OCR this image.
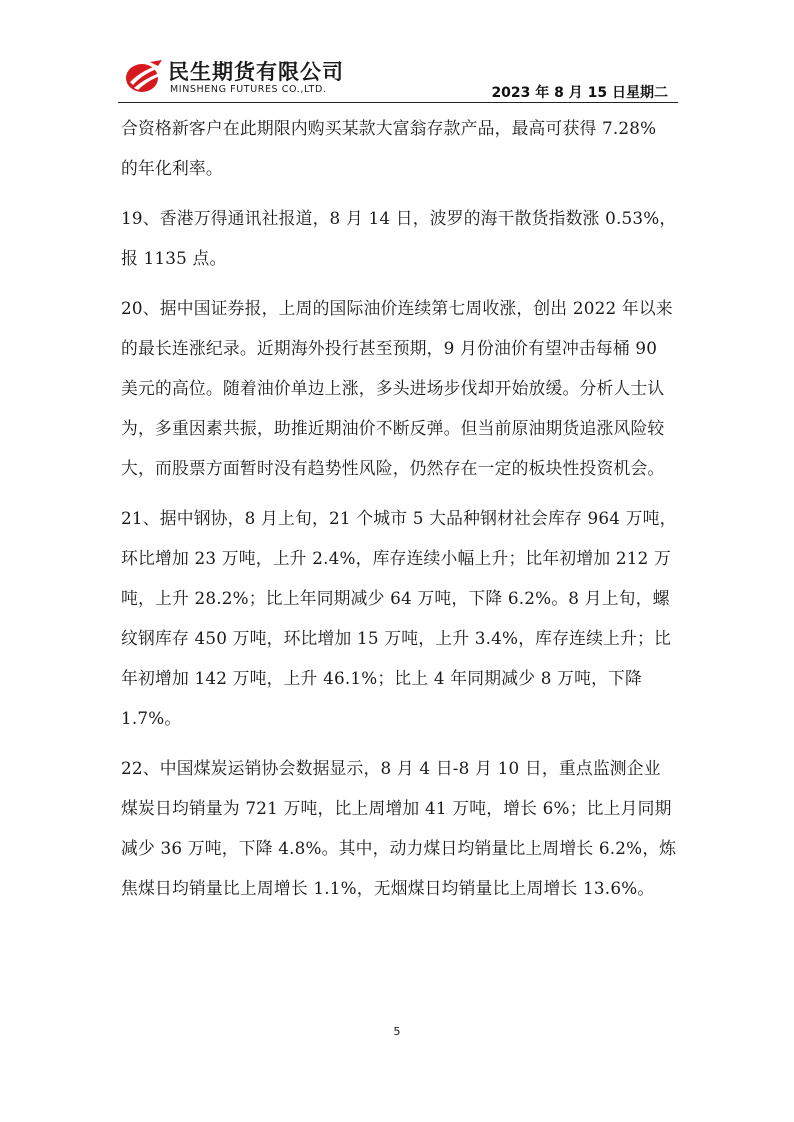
民生期货有限公司
MINSHENG FUTURES CO.,LTD.	2023 年 8 月 15 日星期二

合资格新客户在此期限内购买某款大富翁存款产品，最高可获得 7.28% 的年化利率。

19、香港万得通讯社报道，8 月 14 日，波罗的海干散货指数涨 0.53%，报 1135 点。

20、据中国证券报，上周的国际油价连续第七周收涨，创出 2022 年以来的最长连涨纪录。近期海外投行甚至预期，9 月份油价有望冲击每桶 90 美元的高位。随着油价单边上涨，多头进场步伐却开始放缓。分析人士认为，多重因素共振，助推近期油价不断反弹。但当前原油期货追涨风险较大，而股票方面暂时没有趋势性风险，仍然存在一定的板块性投资机会。

21、据中钢协，8 月上旬，21 个城市 5 大品种钢材社会库存 964 万吨，环比增加 23 万吨，上升 2.4%，库存连续小幅上升；比年初增加 212 万吨，上升 28.2%；比上年同期减少 64 万吨，下降 6.2%。8 月上旬，螺纹钢库存 450 万吨，环比增加 15 万吨，上升 3.4%，库存连续上升；比年初增加 142 万吨，上升 46.1%；比上 4 年同期减少 8 万吨，下降 1.7%。

22、中国煤炭运销协会数据显示，8 月 4 日-8 月 10 日，重点监测企业煤炭日均销量为 721 万吨，比上周增加 41 万吨，增长 6%；比上月同期减少 36 万吨，下降 4.8%。其中，动力煤日均销量比上周增长 6.2%，炼焦煤日均销量比上周增长 1.1%，无烟煤日均销量比上周增长 13.6%。

5
